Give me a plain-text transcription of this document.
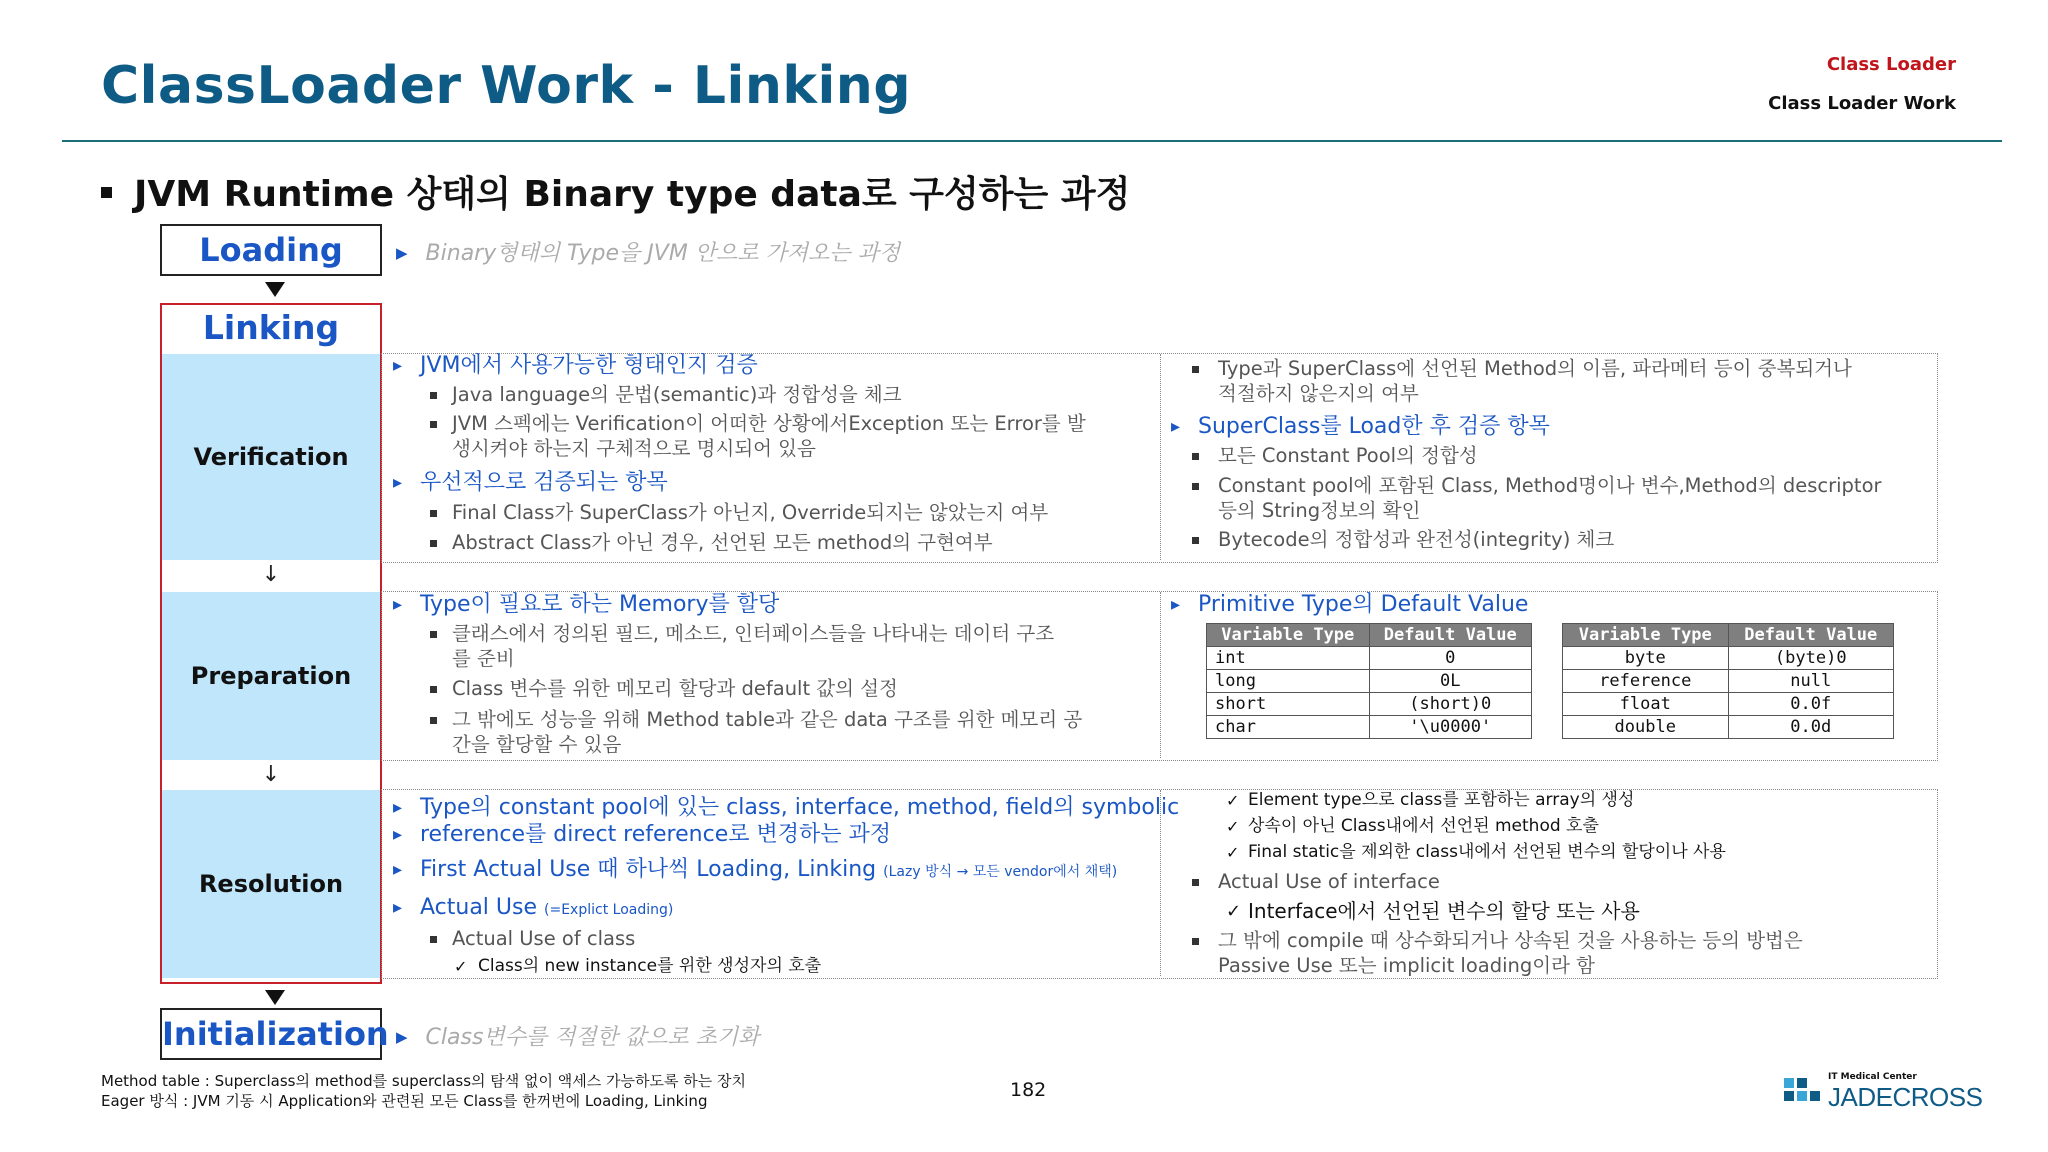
ClassLoader Work - Linking	Class Loader
Class Loader Work
JVM Runtime 상태의 Binary type data로 구성하는 과정
Loading
Linking
Verification
↓
Preparation
↓
Resolution
Initialization
▶ Binary형태의 Type을 JVM 안으로 가져오는 과정
▶ Class변수를 적절한 값으로 초기화
▸ JVM에서 사용가능한 형태인지 검증
Java language의 문법(semantic)과 정합성을 체크
JVM 스펙에는 Verification이 어떠한 상황에서Exception 또는 Error를 발
생시켜야 하는지 구체적으로 명시되어 있음
▸ 우선적으로 검증되는 항목
Final Class가 SuperClass가 아닌지, Override되지는 않았는지 여부
Abstract Class가 아닌 경우, 선언된 모든 method의 구현여부
Type과 SuperClass에 선언된 Method의 이름, 파라메터 등이 중복되거나
적절하지 않은지의 여부
▸ SuperClass를 Load한 후 검증 항목
모든 Constant Pool의 정합성
Constant pool에 포함된 Class, Method명이나 변수,Method의 descriptor
등의 String정보의 확인
Bytecode의 정합성과 완전성(integrity) 체크
▸ Type이 필요로 하는 Memory를 할당
클래스에서 정의된 필드, 메소드, 인터페이스들을 나타내는 데이터 구조
를 준비
Class 변수를 위한 메모리 할당과 default 값의 설정
그 밖에도 성능을 위해 Method table과 같은 data 구조를 위한 메모리 공
간을 할당할 수 있음
▸ Primitive Type의 Default Value
Variable Type	Default Value
int	0
long	0L
short	(short)0
char	'\u0000'
Variable Type	Default Value
byte	(byte)0
reference	null
float	0.0f
double	0.0d
▸ Type의 constant pool에 있는 class, interface, method, field의 symbolic
▸ reference를 direct reference로 변경하는 과정
▸ First Actual Use 때 하나씩 Loading, Linking (Lazy 방식 → 모든 vendor에서 채택)
▸ Actual Use (=Explict Loading)
Actual Use of class
✓ Class의 new instance를 위한 생성자의 호출
✓ Element type으로 class를 포함하는 array의 생성
✓ 상속이 아닌 Class내에서 선언된 method 호출
✓ Final static을 제외한 class내에서 선언된 변수의 할당이나 사용
Actual Use of interface
✓ Interface에서 선언된 변수의 할당 또는 사용
그 밖에 compile 때 상수화되거나 상속된 것을 사용하는 등의 방법은
Passive Use 또는 implicit loading이라 함
Method table : Superclass의 method를 superclass의 탐색 없이 액세스 가능하도록 하는 장치
Eager 방식 : JVM 기동 시 Application와 관련된 모든 Class를 한꺼번에 Loading, Linking	182
IT Medical Center
JADECROSS
